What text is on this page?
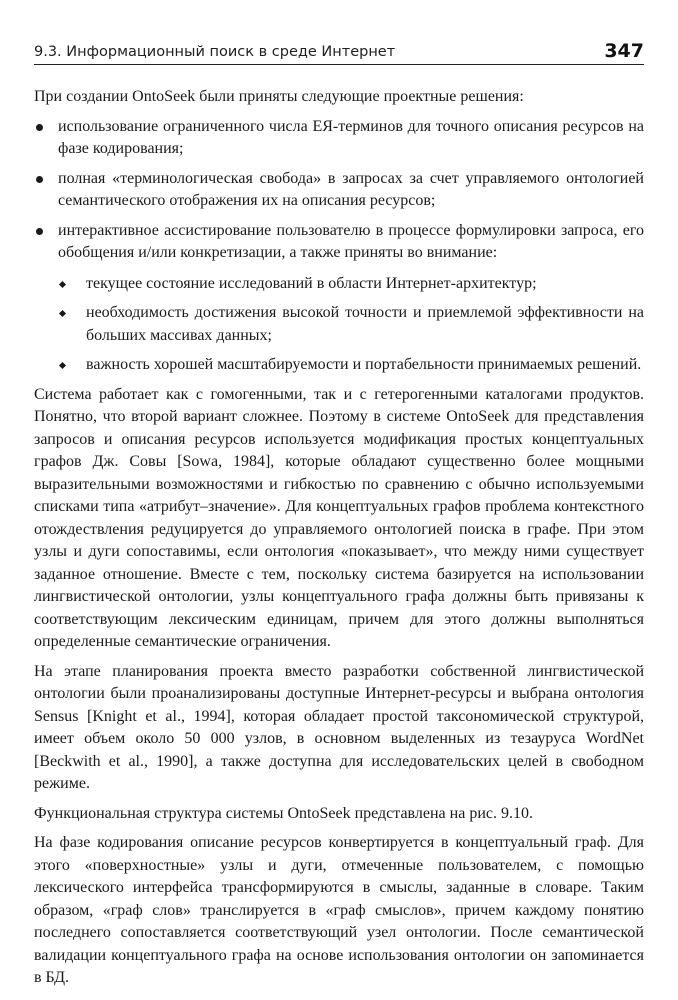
9.3. Информационный поиск в среде Интернет	347

При создании OntoSeek были приняты следующие проектные решения:

использование ограниченного числа ЕЯ-терминов для точного описания ресурсов на фазе кодирования;
полная «терминологическая свобода» в запросах за счет управляемого онтологией семантического отображения их на описания ресурсов;
интерактивное ассистирование пользователю в процессе формулировки запроса, его обобщения и/или конкретизации, а также приняты во внимание:
текущее состояние исследований в области Интернет-архитектур;
необходимость достижения высокой точности и приемлемой эффективности на больших массивах данных;
важность хорошей масштабируемости и портабельности принимаемых решений.

Система работает как с гомогенными, так и с гетерогенными каталогами продуктов. Понятно, что второй вариант сложнее. Поэтому в системе OntoSeek для представления запросов и описания ресурсов используется модификация простых концептуальных графов Дж. Совы [Sowa, 1984], которые обладают существенно более мощными выразительными возможностями и гибкостью по сравнению с обычно используемыми списками типа «атрибут–значение». Для концептуальных графов проблема контекстного отождествления редуцируется до управляемого онтологией поиска в графе. При этом узлы и дуги сопоставимы, если онтология «показывает», что между ними существует заданное отношение. Вместе с тем, поскольку система базируется на использовании лингвистической онтологии, узлы концептуального графа должны быть привязаны к соответствующим лексическим единицам, причем для этого должны выполняться определенные семантические ограничения.

На этапе планирования проекта вместо разработки собственной лингвистической онтологии были проанализированы доступные Интернет-ресурсы и выбрана онтология Sensus [Knight et al., 1994], которая обладает простой таксономической структурой, имеет объем около 50 000 узлов, в основном выделенных из тезауруса WordNet [Beckwith et al., 1990], а также доступна для исследовательских целей в свободном режиме.

Функциональная структура системы OntoSeek представлена на рис. 9.10.

На фазе кодирования описание ресурсов конвертируется в концептуальный граф. Для этого «поверхностные» узлы и дуги, отмеченные пользователем, с помощью лексического интерфейса трансформируются в смыслы, заданные в словаре. Таким образом, «граф слов» транслируется в «граф смыслов», причем каждому понятию последнего сопоставляется соответствующий узел онтологии. После семантической валидации концептуального графа на основе использования онтологии он запоминается в БД.
